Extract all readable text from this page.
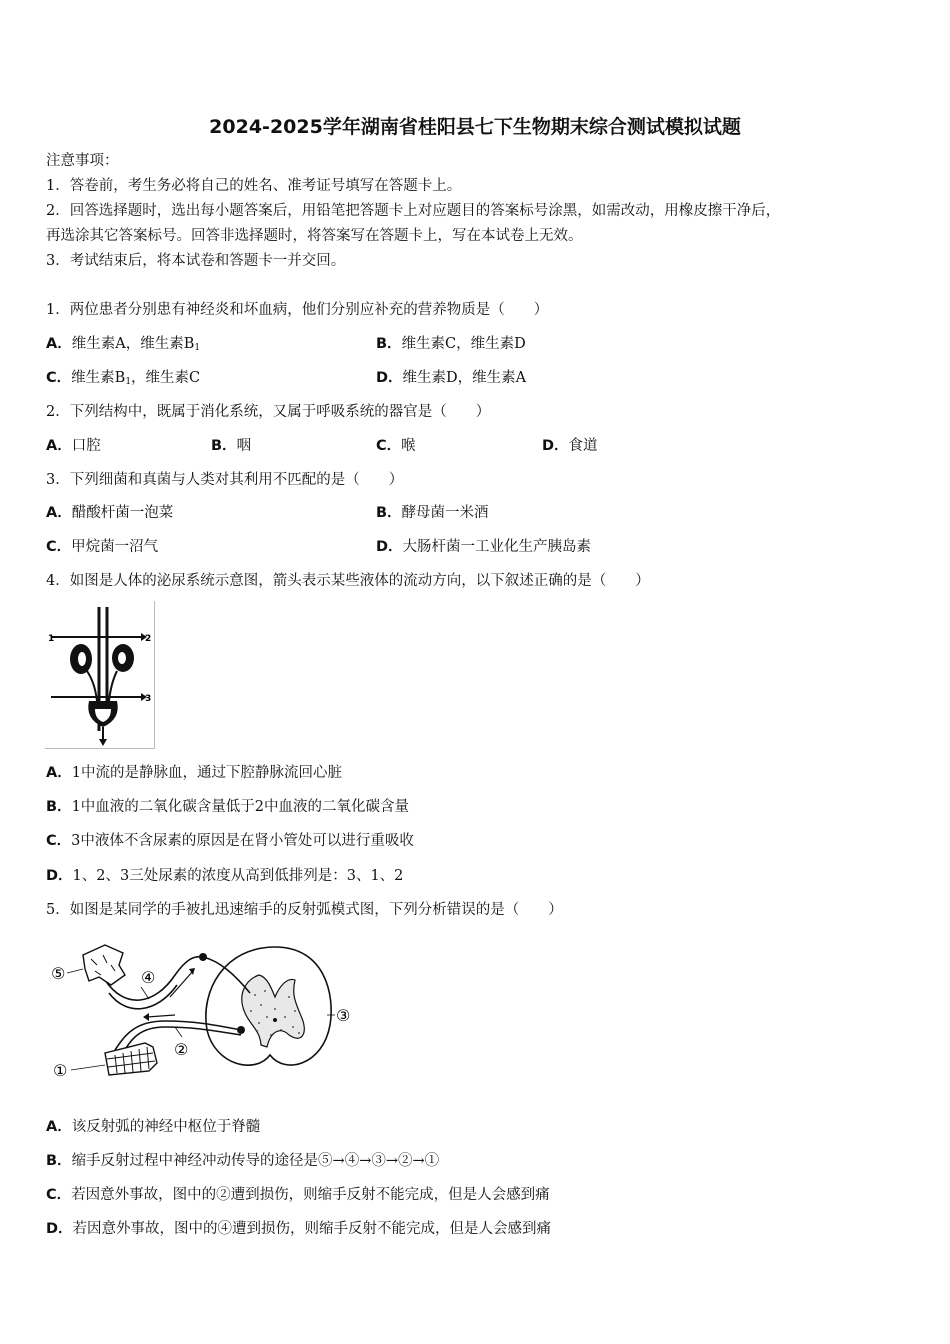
2024-2025学年湖南省桂阳县七下生物期末综合测试模拟试题
注意事项：
1．答卷前，考生务必将自己的姓名、准考证号填写在答题卡上。
2．回答选择题时，选出每小题答案后，用铅笔把答题卡上对应题目的答案标号涂黑，如需改动，用橡皮擦干净后，
再选涂其它答案标号。回答非选择题时，将答案写在答题卡上，写在本试卷上无效。
3．考试结束后，将本试卷和答题卡一并交回。
1．两位患者分别患有神经炎和坏血病，他们分别应补充的营养物质是（　　）
A．维生素A，维生素$B_1$	B．维生素C，维生素D
C．维生素$B_1$，维生素C	D．维生素D，维生素A
2．下列结构中，既属于消化系统，又属于呼吸系统的器官是（　　）
A．口腔	B．咽	C．喉	D．食道
3．下列细菌和真菌与人类对其利用不匹配的是（　　）
A．醋酸杆菌一泡菜	B．酵母菌一米酒
C．甲烷菌一沼气	D．大肠杆菌一工业化生产胰岛素
4．如图是人体的泌尿系统示意图，箭头表示某些液体的流动方向，以下叙述正确的是（　　）
1	2
3
A．1中流的是静脉血，通过下腔静脉流回心脏
B．1中血液的二氧化碳含量低于2中血液的二氧化碳含量
C．3中液体不含尿素的原因是在肾小管处可以进行重吸收
D．1、2、3三处尿素的浓度从高到低排列是：3、1、2
5．如图是某同学的手被扎迅速缩手的反射弧模式图，下列分析错误的是（　　）
⑤	④
③
②
①
A．该反射弧的神经中枢位于脊髓
B．缩手反射过程中神经冲动传导的途径是⑤→④→③→②→①
C．若因意外事故，图中的②遭到损伤，则缩手反射不能完成，但是人会感到痛
D．若因意外事故，图中的④遭到损伤，则缩手反射不能完成，但是人会感到痛
